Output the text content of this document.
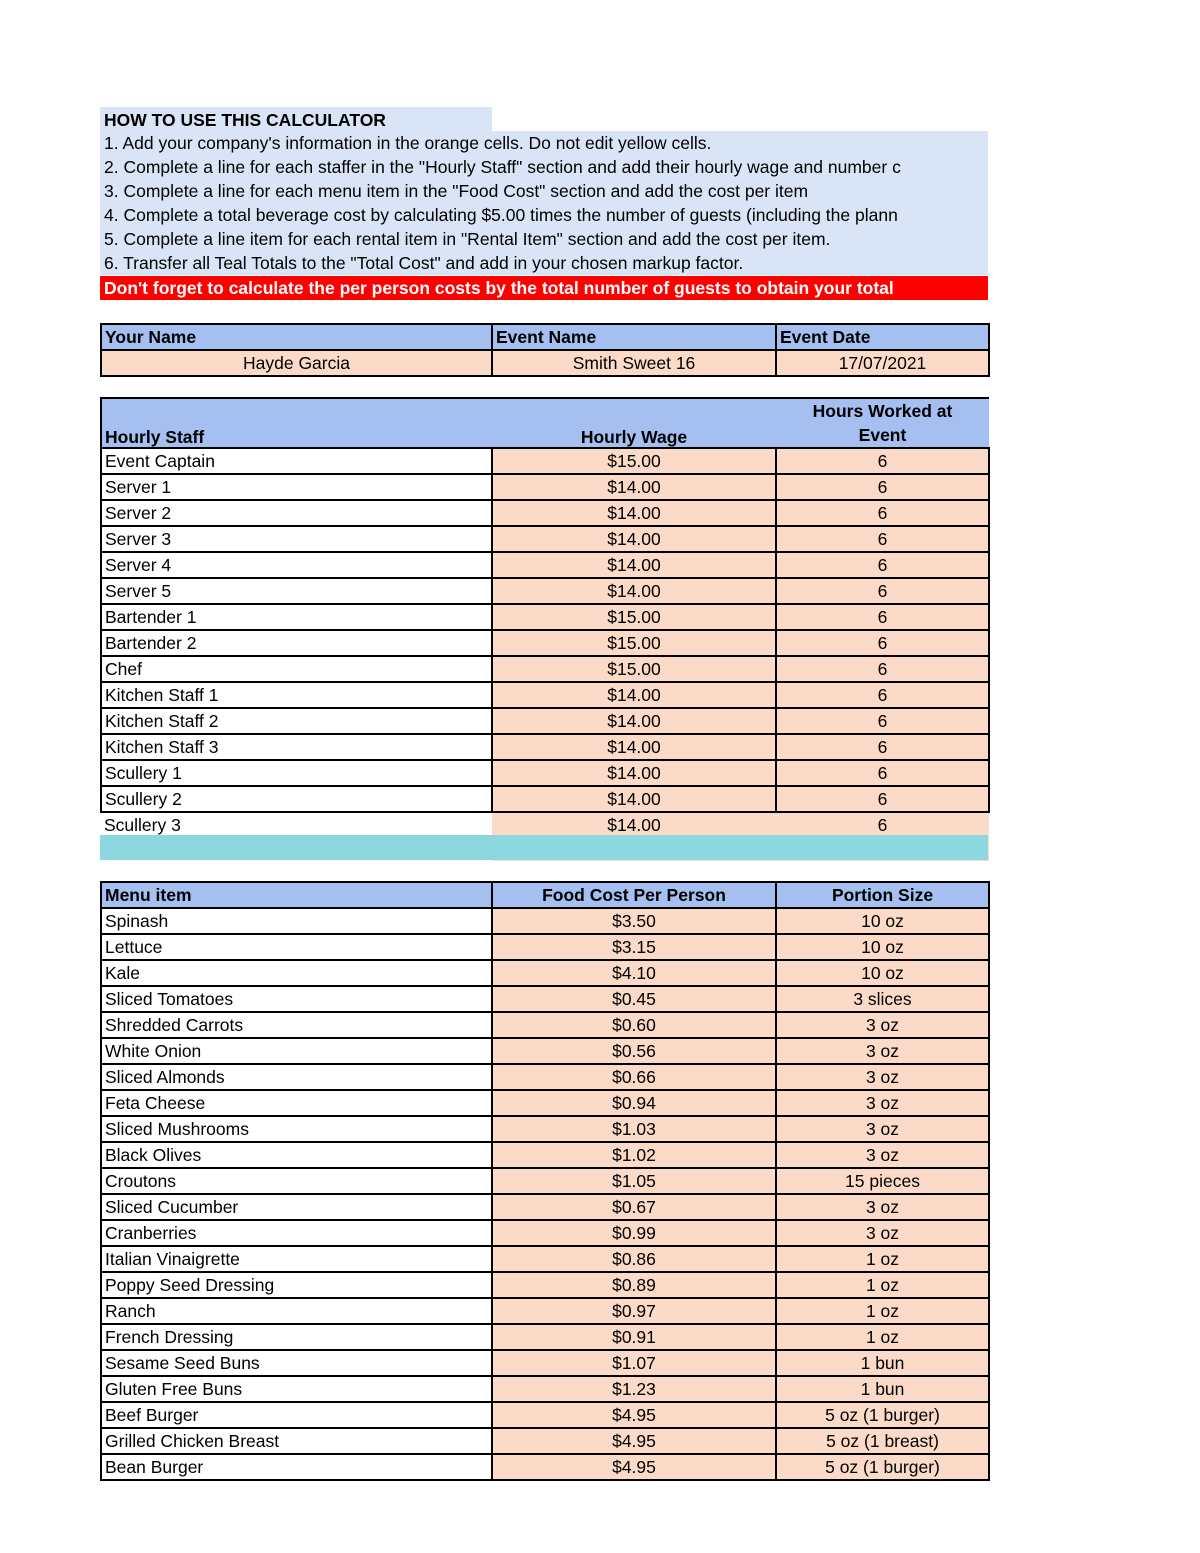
HOW TO USE THIS CALCULATOR
1. Add your company's information in the orange cells. Do not edit yellow cells.
2. Complete a line for each staffer in the "Hourly Staff" section and add their hourly wage and number c
3. Complete a line for each menu item in the "Food Cost" section and add the cost per item
4. Complete a total beverage cost by calculating $5.00 times the number of guests (including the plann
5. Complete a line item for each rental item in "Rental Item" section and add the cost per item.
6. Transfer all Teal Totals to the "Total Cost" and add in your chosen markup factor.
Don't forget to calculate the per person costs by the total number of guests to obtain your total
Your Name	Event Name	Event Date
Hayde Garcia	Smith Sweet 16	17/07/2021
Hourly Staff	Hourly Wage	Hours Worked at
Event
Event Captain	$15.00	6
Server 1	$14.00	6
Server 2	$14.00	6
Server 3	$14.00	6
Server 4	$14.00	6
Server 5	$14.00	6
Bartender 1	$15.00	6
Bartender 2	$15.00	6
Chef	$15.00	6
Kitchen Staff 1	$14.00	6
Kitchen Staff 2	$14.00	6
Kitchen Staff 3	$14.00	6
Scullery 1	$14.00	6
Scullery 2	$14.00	6
Scullery 3	$14.00	6

Menu item	Food Cost Per Person	Portion Size
Spinash	$3.50	10 oz
Lettuce	$3.15	10 oz
Kale	$4.10	10 oz
Sliced Tomatoes	$0.45	3 slices
Shredded Carrots	$0.60	3 oz
White Onion	$0.56	3 oz
Sliced Almonds	$0.66	3 oz
Feta Cheese	$0.94	3 oz
Sliced Mushrooms	$1.03	3 oz
Black Olives	$1.02	3 oz
Croutons	$1.05	15 pieces
Sliced Cucumber	$0.67	3 oz
Cranberries	$0.99	3 oz
Italian Vinaigrette	$0.86	1 oz
Poppy Seed Dressing	$0.89	1 oz
Ranch	$0.97	1 oz
French Dressing	$0.91	1 oz
Sesame Seed Buns	$1.07	1 bun
Gluten Free Buns	$1.23	1 bun
Beef Burger	$4.95	5 oz (1 burger)
Grilled Chicken Breast	$4.95	5 oz (1 breast)
Bean Burger	$4.95	5 oz (1 burger)
